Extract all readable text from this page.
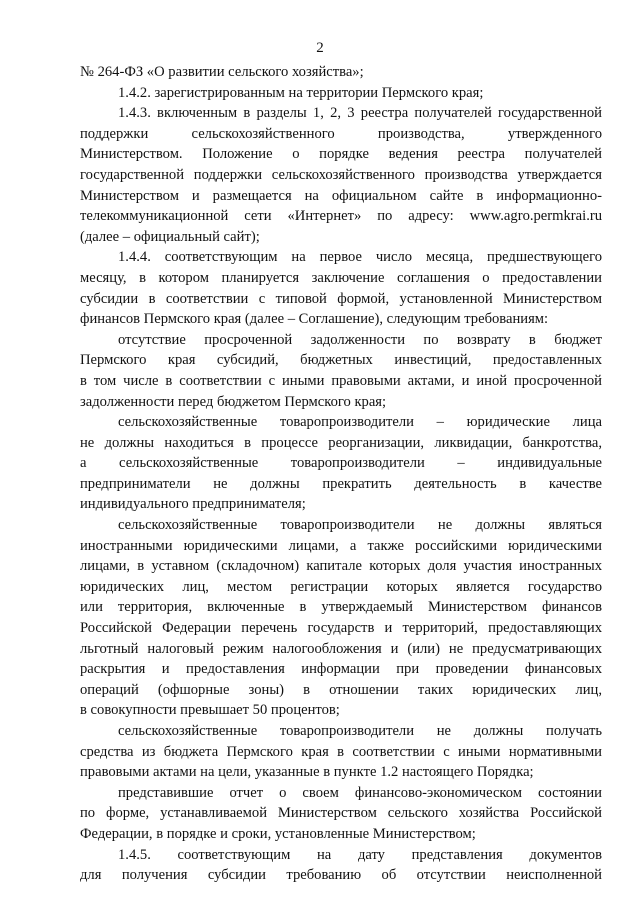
2
№ 264-ФЗ «О развитии сельского хозяйства»;
1.4.2. зарегистрированным на территории Пермского края;
1.4.3. включенным в разделы 1, 2, 3 реестра получателей государственной
поддержки сельскохозяйственного производства, утвержденного
Министерством. Положение о порядке ведения реестра получателей
государственной поддержки сельскохозяйственного производства утверждается
Министерством и размещается на официальном сайте в информационно-
телекоммуникационной сети «Интернет» по адресу: www.agro.permkrai.ru
(далее – официальный сайт);
1.4.4. соответствующим на первое число месяца, предшествующего
месяцу, в котором планируется заключение соглашения о предоставлении
субсидии в соответствии с типовой формой, установленной Министерством
финансов Пермского края (далее – Соглашение), следующим требованиям:
отсутствие просроченной задолженности по возврату в бюджет
Пермского края субсидий, бюджетных инвестиций, предоставленных
в том числе в соответствии с иными правовыми актами, и иной просроченной
задолженности перед бюджетом Пермского края;
сельскохозяйственные товаропроизводители – юридические лица
не должны находиться в процессе реорганизации, ликвидации, банкротства,
а сельскохозяйственные товаропроизводители – индивидуальные
предприниматели не должны прекратить деятельность в качестве
индивидуального предпринимателя;
сельскохозяйственные товаропроизводители не должны являться
иностранными юридическими лицами, а также российскими юридическими
лицами, в уставном (складочном) капитале которых доля участия иностранных
юридических лиц, местом регистрации которых является государство
или территория, включенные в утверждаемый Министерством финансов
Российской Федерации перечень государств и территорий, предоставляющих
льготный налоговый режим налогообложения и (или) не предусматривающих
раскрытия и предоставления информации при проведении финансовых
операций (офшорные зоны) в отношении таких юридических лиц,
в совокупности превышает 50 процентов;
сельскохозяйственные товаропроизводители не должны получать
средства из бюджета Пермского края в соответствии с иными нормативными
правовыми актами на цели, указанные в пункте 1.2 настоящего Порядка;
представившие отчет о своем финансово-экономическом состоянии
по форме, устанавливаемой Министерством сельского хозяйства Российской
Федерации, в порядке и сроки, установленные Министерством;
1.4.5. соответствующим на дату представления документов
для получения субсидии требованию об отсутствии неисполненной
